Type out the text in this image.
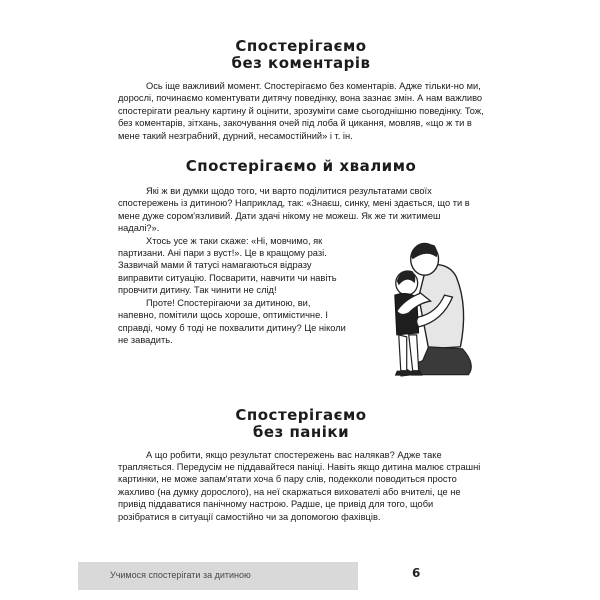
Спостерігаємо
без коментарів

Ось іще важливий момент. Спостерігаємо без коментарів. Адже тільки-но ми, дорослі, починаємо коментувати дитячу поведінку, вона зазнає змін. А нам важливо спостерігати реальну картину й оцінити, зрозуміти саме сьогоднішню поведінку. Тож, без коментарів, зітхань, закочування очей під лоба й цикання, мовляв, «що ж ти в мене такий незграбний, дурний, несамостійний» і т. ін.

Спостерігаємо й хвалимо

Які ж ви думки щодо того, чи варто поділитися результатами своїх спостережень із дитиною? Наприклад, так: «Знаєш, синку, мені здається, що ти в мене дуже сором'язливий. Дати здачі нікому не можеш. Як же ти житимеш надалі?».

Хтось усе ж таки скаже: «Ні, мовчимо, як партизани. Ані пари з вуст!». Це в кращому разі. Зазвичай мами й татусі намагаються відразу виправити ситуацію. Посварити, навчити чи навіть провчити дитину. Так чинити не слід!

Проте! Спостерігаючи за дитиною, ви, напевно, помітили щось хороше, оптимістичне. І справді, чому б тоді не похвалити дитину? Це ніколи не завадить.

Спостерігаємо
без паніки

А що робити, якщо результат спостережень вас налякав? Адже таке трапляється. Передусім не піддавайтеся паніці. Навіть якщо дитина малює страшні картинки, не може запам'ятати хоча б пару слів, подекколи поводиться просто жахливо (на думку дорослого), на неї скаржаться вихователі або вчителі, це не привід піддаватися панічному настрою. Радше, це привід для того, щоби розібратися в ситуації самостійно чи за допомогою фахівців.

Учимося спостерігати за дитиною	6
